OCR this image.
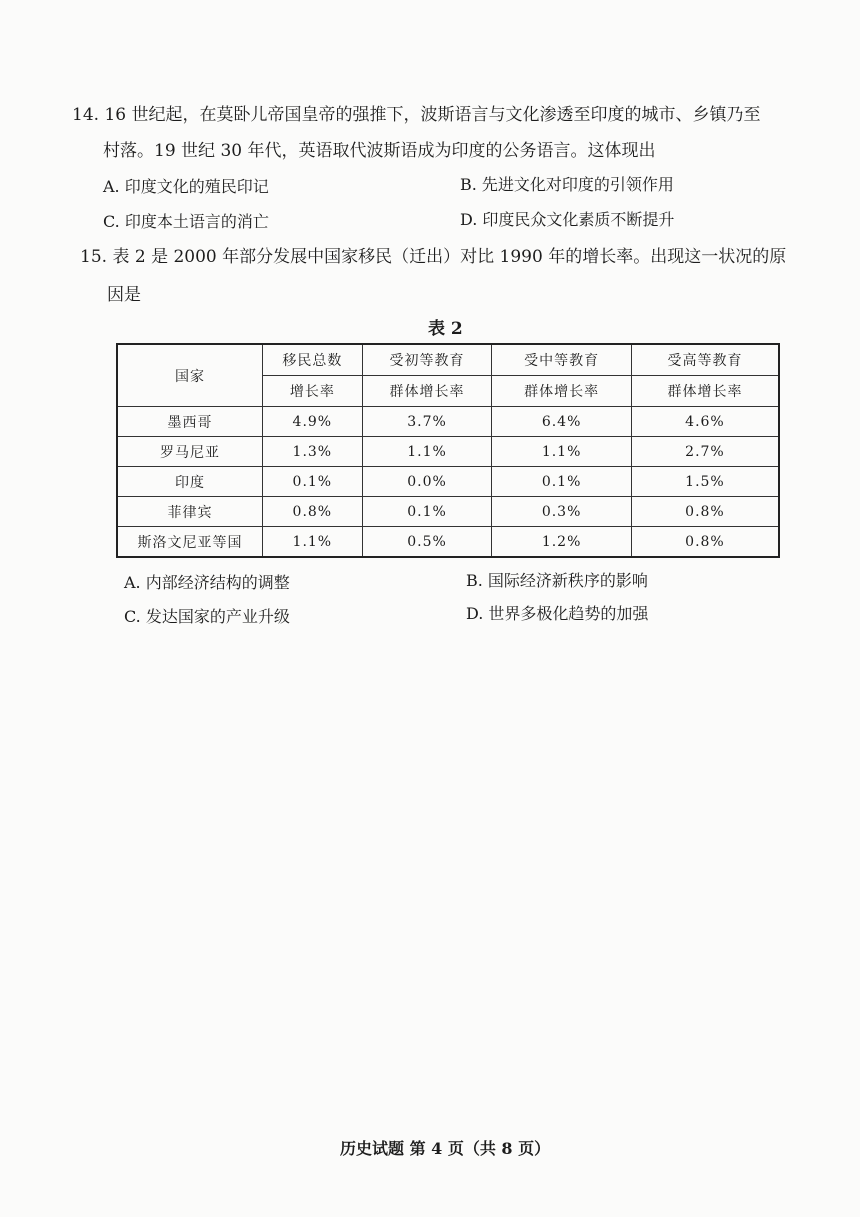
14. 16 世纪起，在莫卧儿帝国皇帝的强推下，波斯语言与文化渗透至印度的城市、乡镇乃至
村落。19 世纪 30 年代，英语取代波斯语成为印度的公务语言。这体现出
A. 印度文化的殖民印记	B. 先进文化对印度的引领作用
C. 印度本土语言的消亡	D. 印度民众文化素质不断提升
15. 表 2 是 2000 年部分发展中国家移民（迁出）对比 1990 年的增长率。出现这一状况的原
因是
表 2
国家	移民总数	受初等教育	受中等教育	受高等教育
	增长率	群体增长率	群体增长率	群体增长率
墨西哥	4.9%	3.7%	6.4%	4.6%
罗马尼亚	1.3%	1.1%	1.1%	2.7%
印度	0.1%	0.0%	0.1%	1.5%
菲律宾	0.8%	0.1%	0.3%	0.8%
斯洛文尼亚等国	1.1%	0.5%	1.2%	0.8%
A. 内部经济结构的调整	B. 国际经济新秩序的影响
C. 发达国家的产业升级	D. 世界多极化趋势的加强
历史试题 第 4 页（共 8 页）
